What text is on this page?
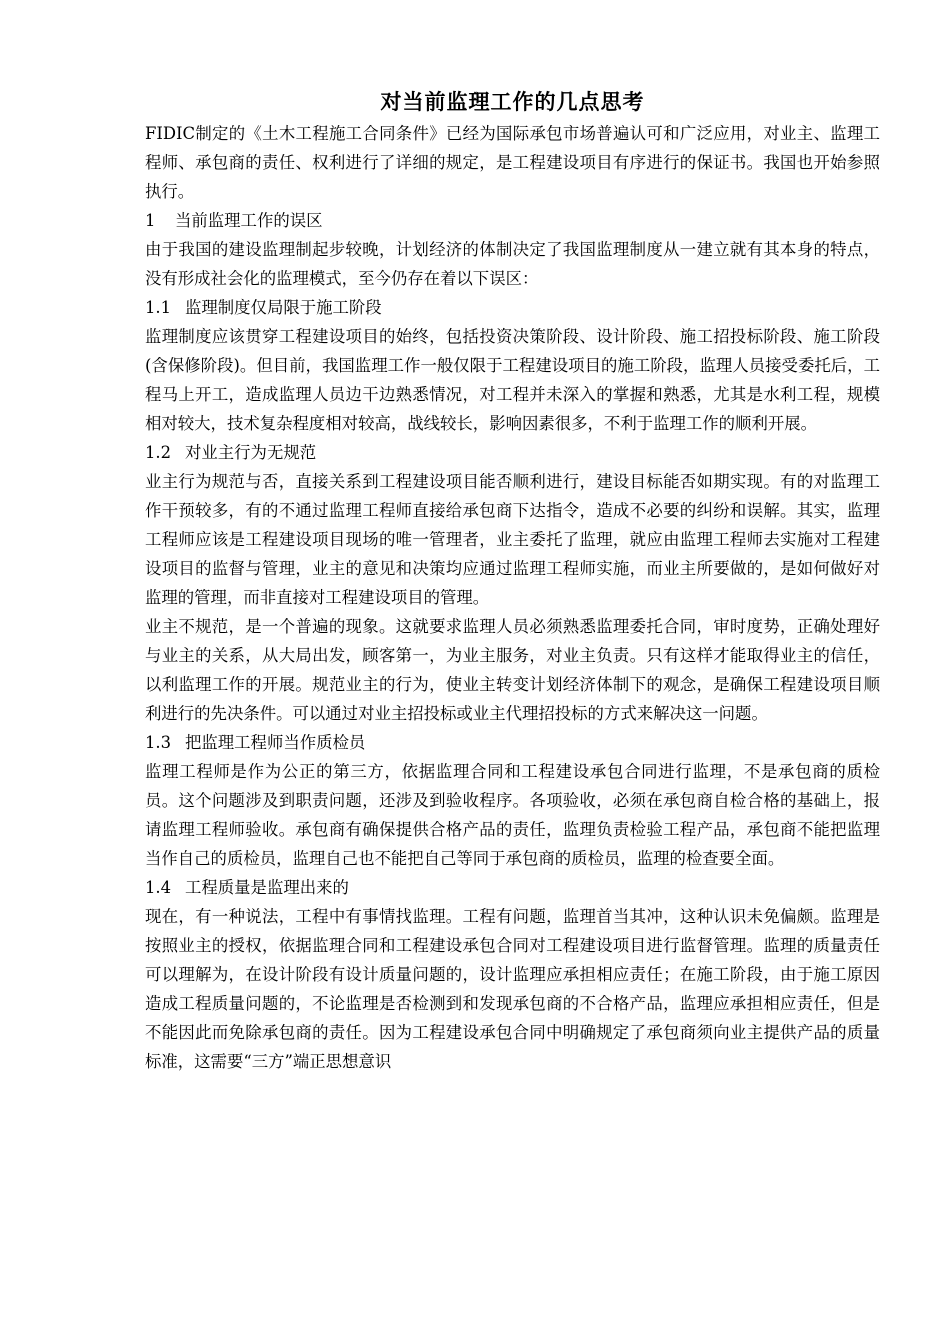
对当前监理工作的几点思考

FIDIC制定的《土木工程施工合同条件》已经为国际承包市场普遍认可和广泛应用，对业主、监理工程师、承包商的责任、权利进行了详细的规定，是工程建设项目有序进行的保证书。我国也开始参照执行。

1 当前监理工作的误区

由于我国的建设监理制起步较晚，计划经济的体制决定了我国监理制度从一建立就有其本身的特点，没有形成社会化的监理模式，至今仍存在着以下误区：

1.1 监理制度仅局限于施工阶段

监理制度应该贯穿工程建设项目的始终，包括投资决策阶段、设计阶段、施工招投标阶段、施工阶段(含保修阶段)。但目前，我国监理工作一般仅限于工程建设项目的施工阶段，监理人员接受委托后，工程马上开工，造成监理人员边干边熟悉情况，对工程并未深入的掌握和熟悉，尤其是水利工程，规模相对较大，技术复杂程度相对较高，战线较长，影响因素很多，不利于监理工作的顺利开展。

1.2 对业主行为无规范

业主行为规范与否，直接关系到工程建设项目能否顺利进行，建设目标能否如期实现。有的对监理工作干预较多，有的不通过监理工程师直接给承包商下达指令，造成不必要的纠纷和误解。其实，监理工程师应该是工程建设项目现场的唯一管理者，业主委托了监理，就应由监理工程师去实施对工程建设项目的监督与管理，业主的意见和决策均应通过监理工程师实施，而业主所要做的，是如何做好对监理的管理，而非直接对工程建设项目的管理。

业主不规范，是一个普遍的现象。这就要求监理人员必须熟悉监理委托合同，审时度势，正确处理好与业主的关系，从大局出发，顾客第一，为业主服务，对业主负责。只有这样才能取得业主的信任，以利监理工作的开展。规范业主的行为，使业主转变计划经济体制下的观念，是确保工程建设项目顺利进行的先决条件。可以通过对业主招投标或业主代理招投标的方式来解决这一问题。

1.3 把监理工程师当作质检员

监理工程师是作为公正的第三方，依据监理合同和工程建设承包合同进行监理，不是承包商的质检员。这个问题涉及到职责问题，还涉及到验收程序。各项验收，必须在承包商自检合格的基础上，报请监理工程师验收。承包商有确保提供合格产品的责任，监理负责检验工程产品，承包商不能把监理当作自己的质检员，监理自己也不能把自己等同于承包商的质检员，监理的检查要全面。

1.4 工程质量是监理出来的

现在，有一种说法，工程中有事情找监理。工程有问题，监理首当其冲，这种认识未免偏颇。监理是按照业主的授权，依据监理合同和工程建设承包合同对工程建设项目进行监督管理。监理的质量责任可以理解为，在设计阶段有设计质量问题的，设计监理应承担相应责任；在施工阶段，由于施工原因造成工程质量问题的，不论监理是否检测到和发现承包商的不合格产品，监理应承担相应责任，但是不能因此而免除承包商的责任。因为工程建设承包合同中明确规定了承包商须向业主提供产品的质量标准，这需要“三方”端正思想意识
